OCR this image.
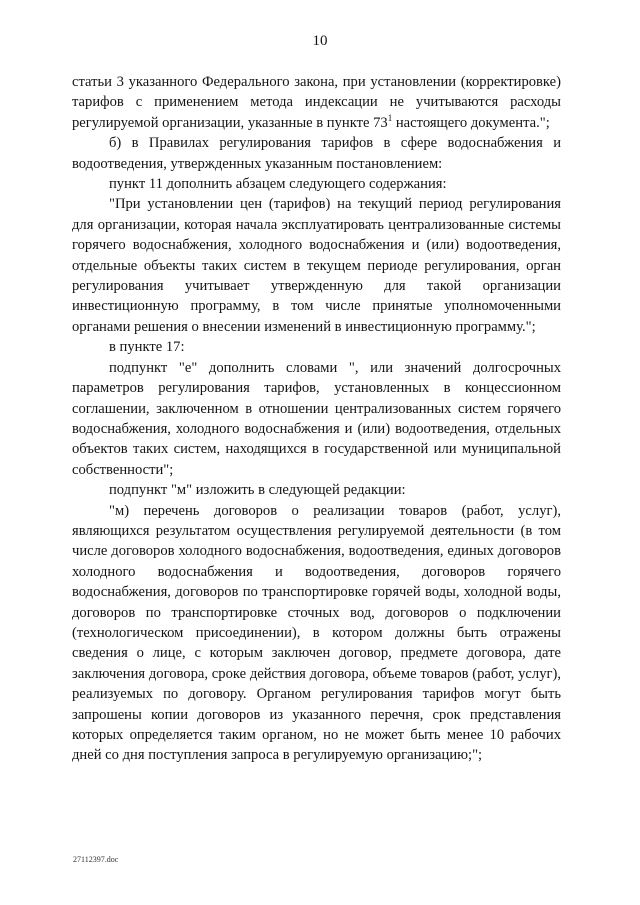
10

статьи 3 указанного Федерального закона, при установлении (корректировке) тарифов с применением метода индексации не учитываются расходы регулируемой организации, указанные в пункте $73^1$ настоящего документа.";

б) в Правилах регулирования тарифов в сфере водоснабжения и водоотведения, утвержденных указанным постановлением:

пункт 11 дополнить абзацем следующего содержания:

"При установлении цен (тарифов) на текущий период регулирования для организации, которая начала эксплуатировать централизованные системы горячего водоснабжения, холодного водоснабжения и (или) водоотведения, отдельные объекты таких систем в текущем периоде регулирования, орган регулирования учитывает утвержденную для такой организации инвестиционную программу, в том числе принятые уполномоченными органами решения о внесении изменений в инвестиционную программу.";

в пункте 17:

подпункт "е" дополнить словами ", или значений долгосрочных параметров регулирования тарифов, установленных в концессионном соглашении, заключенном в отношении централизованных систем горячего водоснабжения, холодного водоснабжения и (или) водоотведения, отдельных объектов таких систем, находящихся в государственной или муниципальной собственности";

подпункт "м" изложить в следующей редакции:

"м) перечень договоров о реализации товаров (работ, услуг), являющихся результатом осуществления регулируемой деятельности (в том числе договоров холодного водоснабжения, водоотведения, единых договоров холодного водоснабжения и водоотведения, договоров горячего водоснабжения, договоров по транспортировке горячей воды, холодной воды, договоров по транспортировке сточных вод, договоров о подключении (технологическом присоединении), в котором должны быть отражены сведения о лице, с которым заключен договор, предмете договора, дате заключения договора, сроке действия договора, объеме товаров (работ, услуг), реализуемых по договору. Органом регулирования тарифов могут быть запрошены копии договоров из указанного перечня, срок представления которых определяется таким органом, но не может быть менее 10 рабочих дней со дня поступления запроса в регулируемую организацию;";

27112397.doc
